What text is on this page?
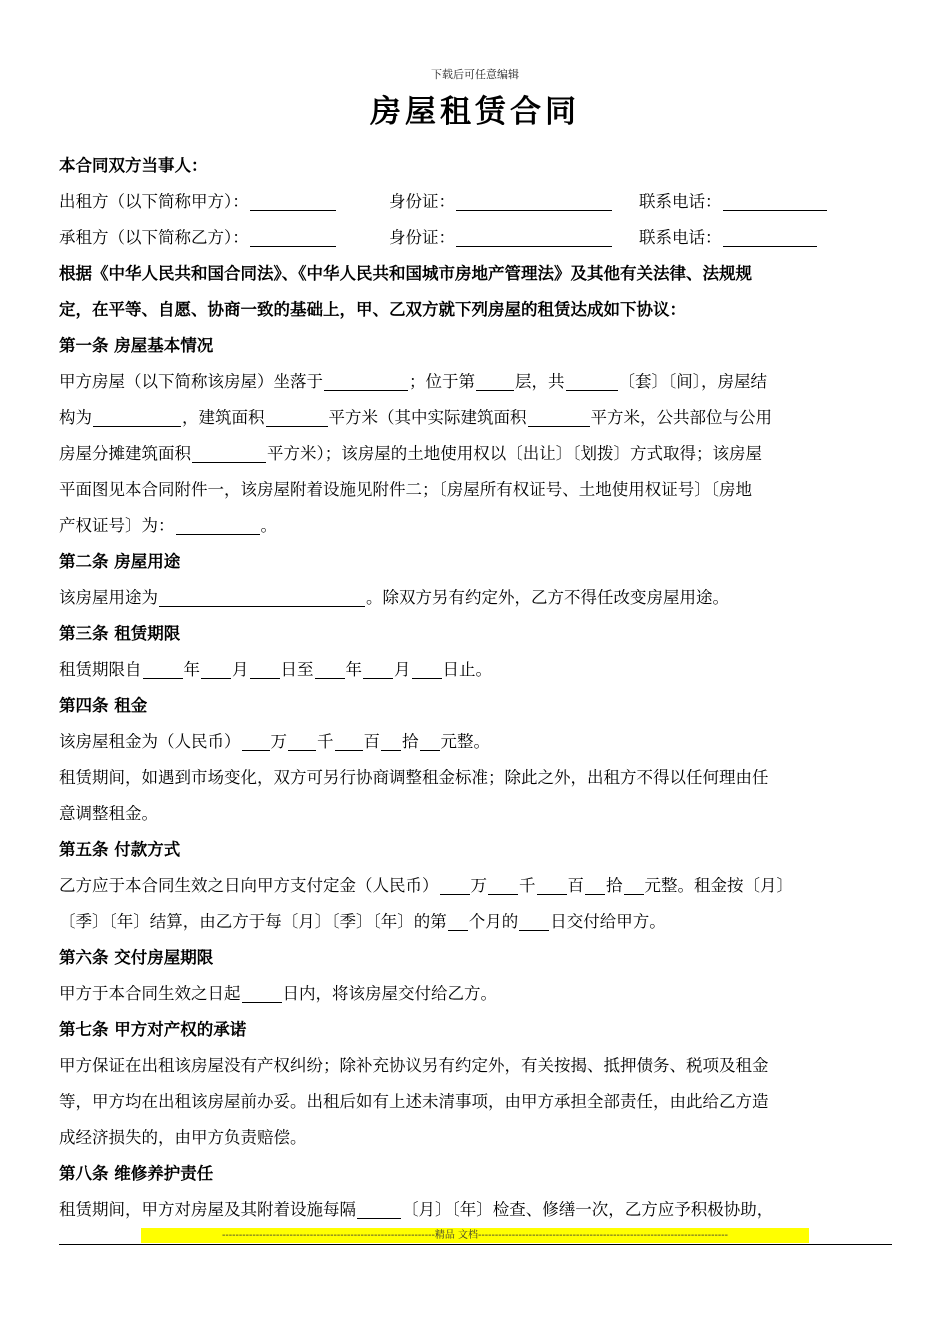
下载后可任意编辑
房屋租赁合同
本合同双方当事人：
出租方（以下简称甲方）：	身份证：	联系电话：
承租方（以下简称乙方）：	身份证：	联系电话：
根据《中华人民共和国合同法》、《中华人民共和国城市房地产管理法》及其他有关法律、法规规
定，在平等、自愿、协商一致的基础上，甲、乙双方就下列房屋的租赁达成如下协议：
第一条 房屋基本情况
甲方房屋（以下简称该房屋）坐落于	；位于第 层，共	〔套〕〔间〕，房屋结
构为	，建筑面积	平方米（其中实际建筑面积	平方米，公共部位与公用
房屋分摊建筑面积	平方米）；该房屋的土地使用权以〔出让〕〔划拨〕方式取得；该房屋
平面图见本合同附件一，该房屋附着设施见附件二；〔房屋所有权证号、土地使用权证号〕〔房地
产权证号〕为：	。
第二条 房屋用途
该房屋用途为	。除双方另有约定外，乙方不得任改变房屋用途。
第三条 租赁期限
租赁期限自	年 月 日至 年 月 日止。
第四条 租金
该房屋租金为（人民币） 万 千 百 拾 元整。
租赁期间，如遇到市场变化，双方可另行协商调整租金标准；除此之外，出租方不得以任何理由任
意调整租金。
第五条 付款方式
乙方应于本合同生效之日向甲方支付定金（人民币） 万 千 百 拾 元整。租金按〔月〕
〔季〕〔年〕结算，由乙方于每〔月〕〔季〕〔年〕的第 个月的 日交付给甲方。
第六条 交付房屋期限
甲方于本合同生效之日起	日内，将该房屋交付给乙方。
第七条 甲方对产权的承诺
甲方保证在出租该房屋没有产权纠纷；除补充协议另有约定外，有关按揭、抵押债务、税项及租金
等，甲方均在出租该房屋前办妥。出租后如有上述未清事项，由甲方承担全部责任，由此给乙方造
成经济损失的，由甲方负责赔偿。
第八条 维修养护责任
租赁期间，甲方对房屋及其附着设施每隔	〔月〕〔年〕检查、修缮一次，乙方应予积极协助，
---------------------------------------------------------------精品 文档--------------------------------------------------------------------------
